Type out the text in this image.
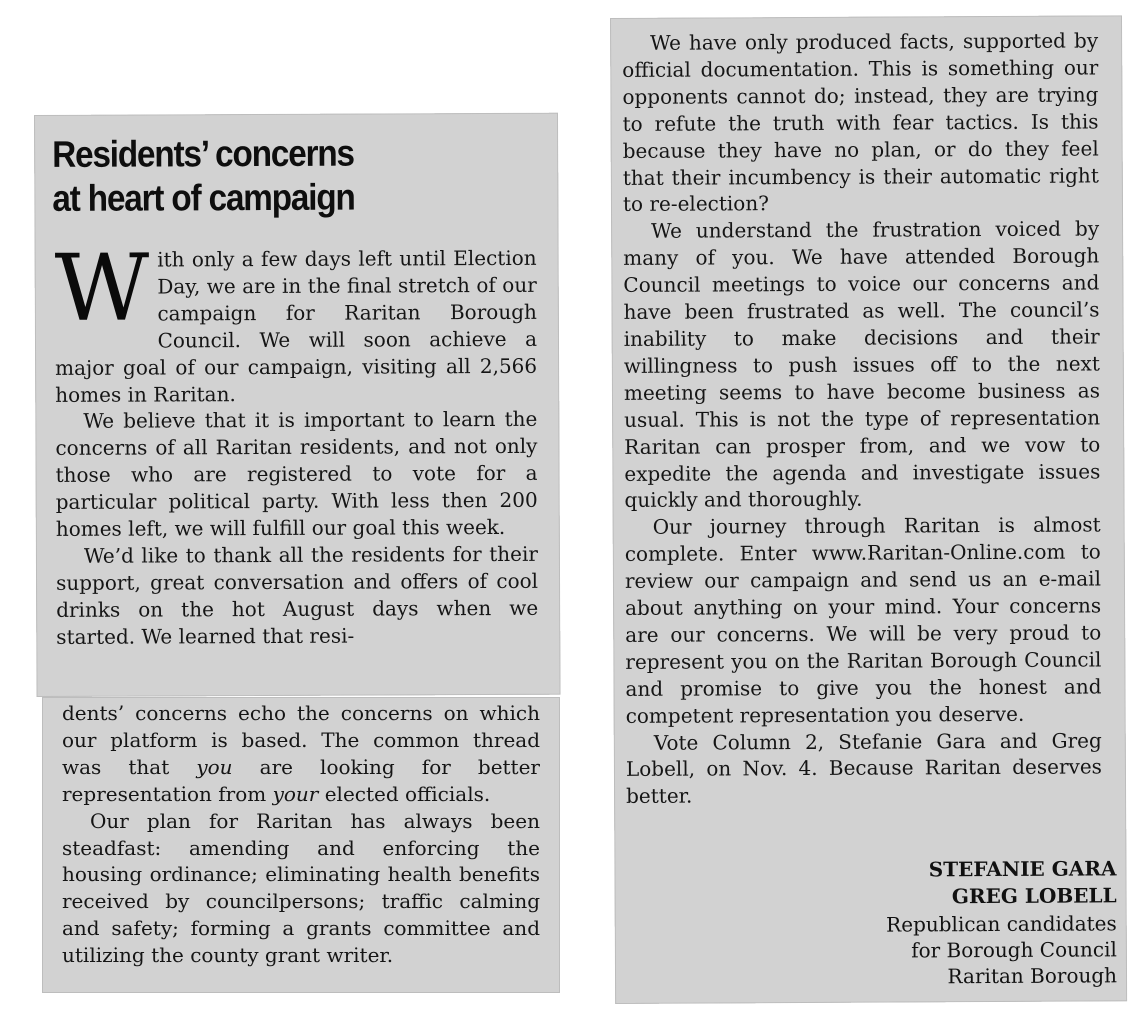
Residents’ concerns
at heart of campaign

With only a few days left until Election Day, we are in the final stretch of our campaign for Raritan Borough Council. We will soon achieve a major goal of our campaign, visiting all 2,566 homes in Raritan.

We believe that it is important to learn the concerns of all Raritan residents, and not only those who are registered to vote for a particular political party. With less then 200 homes left, we will fulfill our goal this week.

We’d like to thank all the residents for their support, great conversation and offers of cool drinks on the hot August days when we started. We learned that resi-

dents’ concerns echo the concerns on which our platform is based. The common thread was that you are looking for better representation from your elected officials.

Our plan for Raritan has always been steadfast: amending and enforcing the housing ordinance; eliminating health benefits received by councilpersons; traffic calming and safety; forming a grants committee and utilizing the county grant writer.

We have only produced facts, supported by official documentation. This is something our opponents cannot do; instead, they are trying to refute the truth with fear tactics. Is this because they have no plan, or do they feel that their incumbency is their automatic right to re-election?

We understand the frustration voiced by many of you. We have attended Borough Council meetings to voice our concerns and have been frustrated as well. The council’s inability to make decisions and their willingness to push issues off to the next meeting seems to have become business as usual. This is not the type of representation Raritan can prosper from, and we vow to expedite the agenda and investigate issues quickly and thoroughly.

Our journey through Raritan is almost complete. Enter www.Raritan-Online.com to review our campaign and send us an e-mail about anything on your mind. Your concerns are our concerns. We will be very proud to represent you on the Raritan Borough Council and promise to give you the honest and competent representation you deserve.

Vote Column 2, Stefanie Gara and Greg Lobell, on Nov. 4. Because Raritan deserves better.

STEFANIE GARA
GREG LOBELL
Republican candidates
for Borough Council
Raritan Borough
